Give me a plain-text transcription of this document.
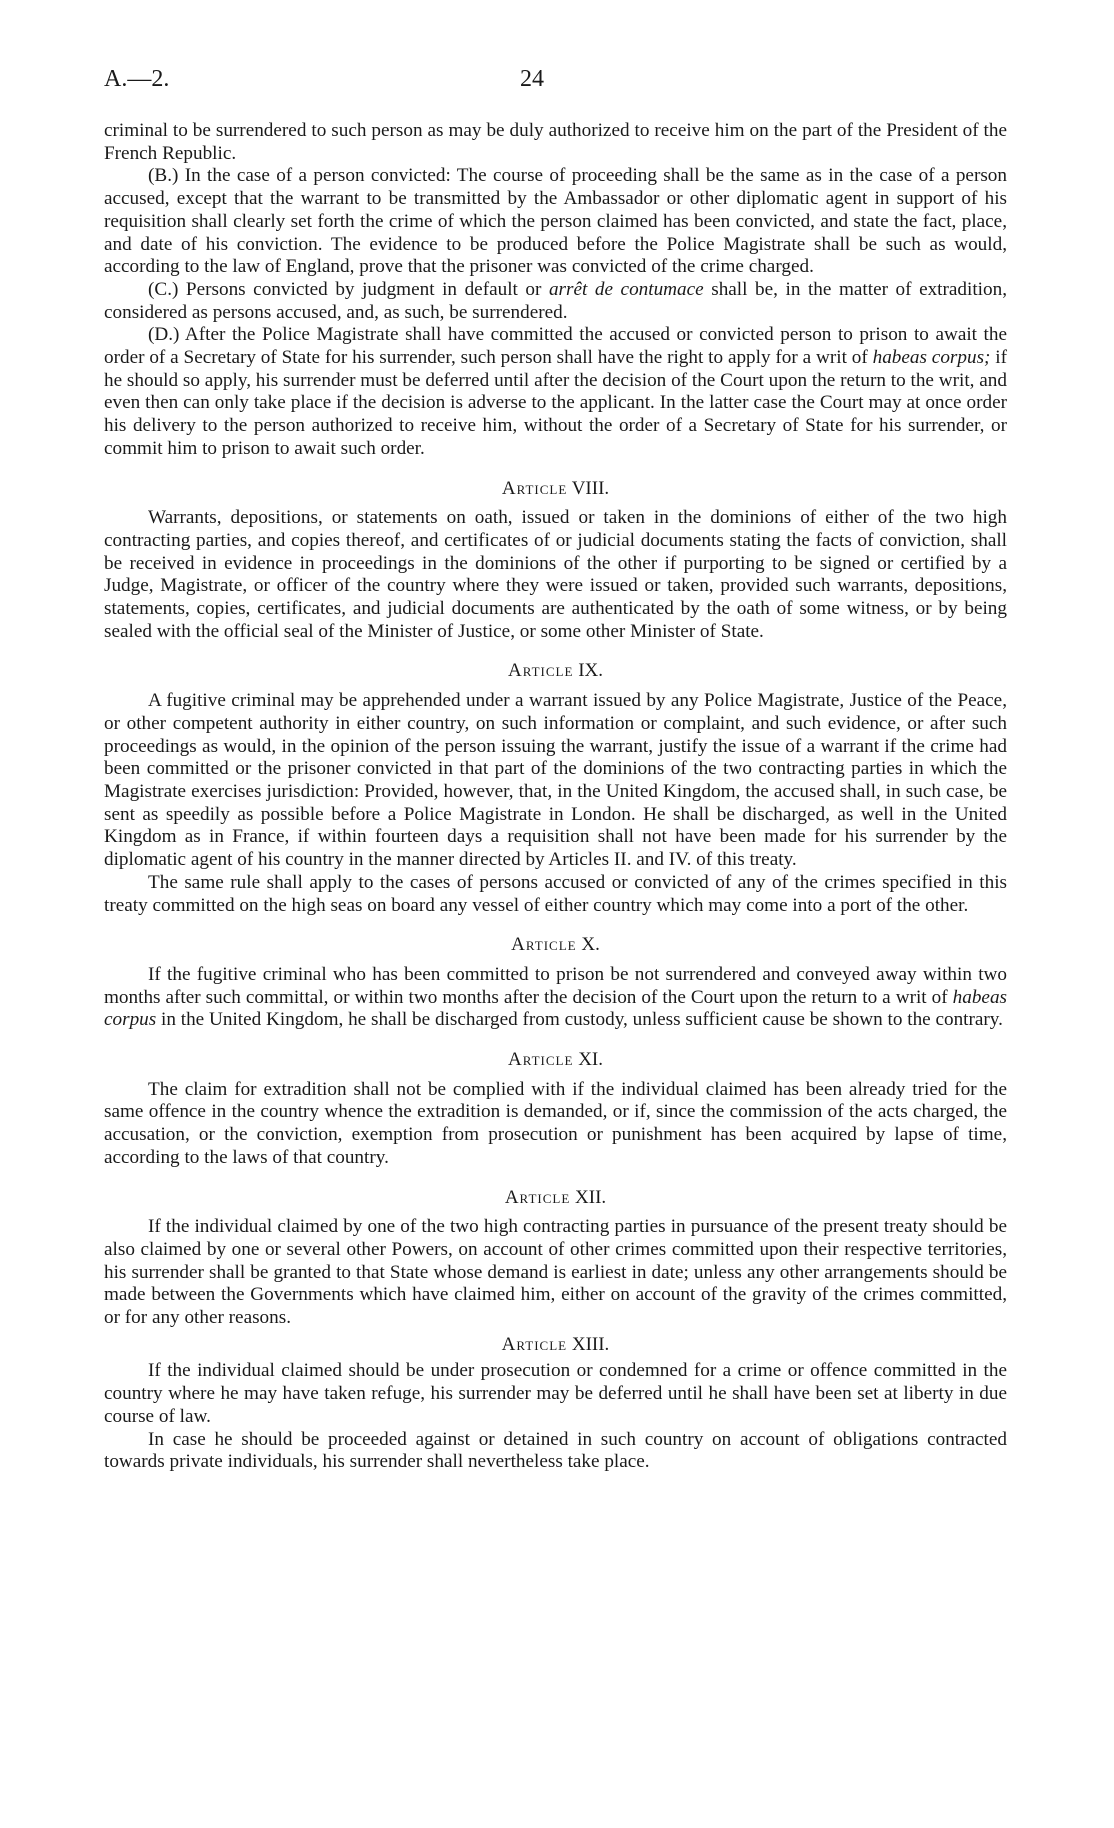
A.—2.	24

criminal to be surrendered to such person as may be duly authorized to receive him on the part of the President of the French Republic.

(B.) In the case of a person convicted: The course of proceeding shall be the same as in the case of a person accused, except that the warrant to be transmitted by the Ambassador or other diplomatic agent in support of his requisition shall clearly set forth the crime of which the person claimed has been convicted, and state the fact, place, and date of his conviction. The evidence to be produced before the Police Magistrate shall be such as would, according to the law of England, prove that the prisoner was convicted of the crime charged.

(C.) Persons convicted by judgment in default or arrêt de contumace shall be, in the matter of extradition, considered as persons accused, and, as such, be surrendered.

(D.) After the Police Magistrate shall have committed the accused or convicted person to prison to await the order of a Secretary of State for his surrender, such person shall have the right to apply for a writ of habeas corpus; if he should so apply, his surrender must be deferred until after the decision of the Court upon the return to the writ, and even then can only take place if the decision is adverse to the applicant. In the latter case the Court may at once order his delivery to the person authorized to receive him, without the order of a Secretary of State for his surrender, or commit him to prison to await such order.

Article VIII.

Warrants, depositions, or statements on oath, issued or taken in the dominions of either of the two high contracting parties, and copies thereof, and certificates of or judicial documents stating the facts of conviction, shall be received in evidence in proceedings in the dominions of the other if purporting to be signed or certified by a Judge, Magistrate, or officer of the country where they were issued or taken, provided such warrants, depositions, statements, copies, certificates, and judicial documents are authenticated by the oath of some witness, or by being sealed with the official seal of the Minister of Justice, or some other Minister of State.

Article IX.

A fugitive criminal may be apprehended under a warrant issued by any Police Magistrate, Justice of the Peace, or other competent authority in either country, on such information or complaint, and such evidence, or after such proceedings as would, in the opinion of the person issuing the warrant, justify the issue of a warrant if the crime had been committed or the prisoner convicted in that part of the dominions of the two contracting parties in which the Magistrate exercises jurisdiction: Provided, however, that, in the United Kingdom, the accused shall, in such case, be sent as speedily as possible before a Police Magistrate in London. He shall be discharged, as well in the United Kingdom as in France, if within fourteen days a requisition shall not have been made for his surrender by the diplomatic agent of his country in the manner directed by Articles II. and IV. of this treaty.

The same rule shall apply to the cases of persons accused or convicted of any of the crimes specified in this treaty committed on the high seas on board any vessel of either country which may come into a port of the other.

Article X.

If the fugitive criminal who has been committed to prison be not surrendered and conveyed away within two months after such committal, or within two months after the decision of the Court upon the return to a writ of habeas corpus in the United Kingdom, he shall be discharged from custody, unless sufficient cause be shown to the contrary.

Article XI.

The claim for extradition shall not be complied with if the individual claimed has been already tried for the same offence in the country whence the extradition is demanded, or if, since the commission of the acts charged, the accusation, or the conviction, exemption from prosecution or punishment has been acquired by lapse of time, according to the laws of that country.

Article XII.

If the individual claimed by one of the two high contracting parties in pursuance of the present treaty should be also claimed by one or several other Powers, on account of other crimes committed upon their respective territories, his surrender shall be granted to that State whose demand is earliest in date; unless any other arrangements should be made between the Governments which have claimed him, either on account of the gravity of the crimes committed, or for any other reasons.

Article XIII.

If the individual claimed should be under prosecution or condemned for a crime or offence committed in the country where he may have taken refuge, his surrender may be deferred until he shall have been set at liberty in due course of law.

In case he should be proceeded against or detained in such country on account of obligations contracted towards private individuals, his surrender shall nevertheless take place.
